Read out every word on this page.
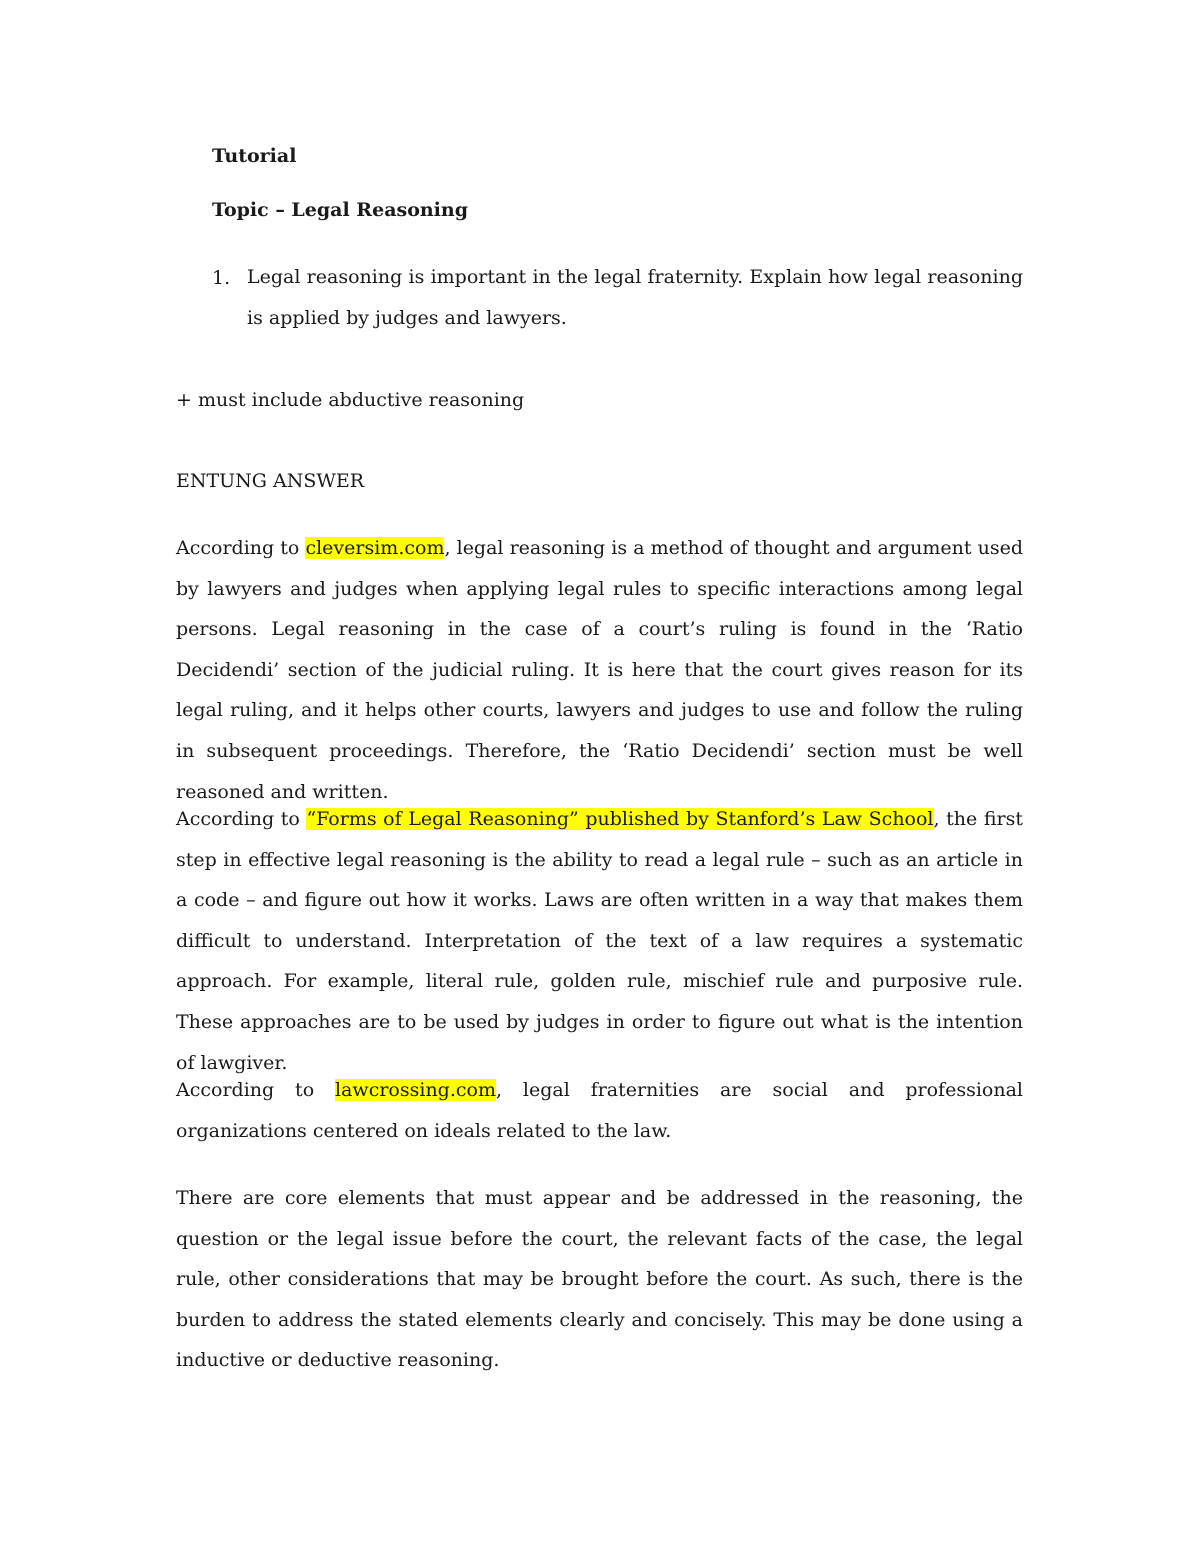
Tutorial
Topic – Legal Reasoning
1. Legal reasoning is important in the legal fraternity. Explain how legal reasoning is applied by judges and lawyers.
+ must include abductive reasoning
ENTUNG ANSWER

According to cleversim.com, legal reasoning is a method of thought and argument used by lawyers and judges when applying legal rules to specific interactions among legal persons. Legal reasoning in the case of a court’s ruling is found in the ‘Ratio Decidendi’ section of the judicial ruling. It is here that the court gives reason for its legal ruling, and it helps other courts, lawyers and judges to use and follow the ruling in subsequent proceedings. Therefore, the ‘Ratio Decidendi’ section must be well reasoned and written.

According to “Forms of Legal Reasoning” published by Stanford’s Law School, the first step in effective legal reasoning is the ability to read a legal rule – such as an article in a code – and figure out how it works. Laws are often written in a way that makes them difficult to understand. Interpretation of the text of a law requires a systematic approach. For example, literal rule, golden rule, mischief rule and purposive rule. These approaches are to be used by judges in order to figure out what is the intention of lawgiver.

According to lawcrossing.com, legal fraternities are social and professional organizations centered on ideals related to the law.

There are core elements that must appear and be addressed in the reasoning, the question or the legal issue before the court, the relevant facts of the case, the legal rule, other considerations that may be brought before the court. As such, there is the burden to address the stated elements clearly and concisely. This may be done using a inductive or deductive reasoning.
